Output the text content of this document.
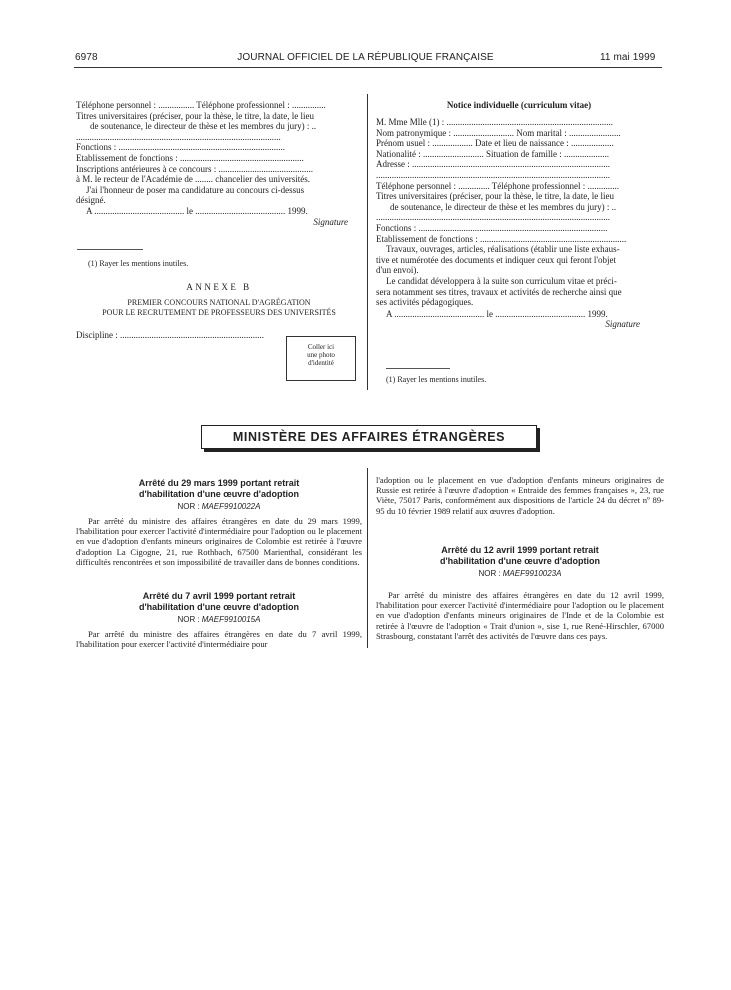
6978	JOURNAL OFFICIEL DE LA RÉPUBLIQUE FRANÇAISE	11 mai 1999
Téléphone personnel : ................ Téléphone professionnel : ...............
Titres universitaires (préciser, pour la thèse, le titre, la date, le lieu
de soutenance, le directeur de thèse et les membres du jury) : ..
...........................................................................................
Fonctions : ..........................................................................
Etablissement de fonctions : .......................................................
Inscriptions antérieures à ce concours : ..........................................
à M. le recteur de l'Académie de ........ chancelier des universités.
J'ai l'honneur de poser ma candidature au concours ci-dessus
désigné.
A ........................................ le ........................................ 1999.
Signature
(1) Rayer les mentions inutiles.
ANNEXE B
PREMIER CONCOURS NATIONAL D'AGRÉGATION
POUR LE RECRUTEMENT DE PROFESSEURS DES UNIVERSITÉS
Discipline : ................................................................
Coller ici
une photo
d'identité
Notice individuelle (curriculum vitae)
M. Mme Mlle (1) : ..........................................................................
Nom patronymique : ........................... Nom marital : .......................
Prénom usuel : .................. Date et lieu de naissance : ...................
Nationalité : ........................... Situation de famille : ....................
Adresse : ........................................................................................
........................................................................................................
Téléphone personnel : .............. Téléphone professionnel : ..............
Titres universitaires (préciser, pour la thèse, le titre, la date, le lieu
de soutenance, le directeur de thèse et les membres du jury) : ..
........................................................................................................
Fonctions : ....................................................................................
Etablissement de fonctions : .................................................................
Travaux, ouvrages, articles, réalisations (établir une liste exhaus-
tive et numérotée des documents et indiquer ceux qui feront l'objet
d'un envoi).
Le candidat développera à la suite son curriculum vitae et préci-
sera notamment ses titres, travaux et activités de recherche ainsi que
ses activités pédagogiques.
A ........................................ le ........................................ 1999.
Signature
(1) Rayer les mentions inutiles.
MINISTÈRE DES AFFAIRES ÉTRANGÈRES
Arrêté du 29 mars 1999 portant retrait
d'habilitation d'une œuvre d'adoption
NOR : MAEF9910022A
Par arrêté du ministre des affaires étrangères en date du 29 mars 1999, l'habilitation pour exercer l'activité d'intermédiaire pour l'adoption ou le placement en vue d'adoption d'enfants mineurs originaires de Colombie est retirée à l'œuvre d'adoption La Cigogne, 21, rue Rothbach, 67500 Marienthal, considérant les difficultés rencontrées et son impossibilité de travailler dans de bonnes conditions.
Arrêté du 7 avril 1999 portant retrait
d'habilitation d'une œuvre d'adoption
NOR : MAEF9910015A
Par arrêté du ministre des affaires étrangères en date du 7 avril 1999, l'habilitation pour exercer l'activité d'intermédiaire pour
l'adoption ou le placement en vue d'adoption d'enfants mineurs originaires de Russie est retirée à l'œuvre d'adoption « Entraide des femmes françaises », 23, rue Viète, 75017 Paris, conformément aux dispositions de l'article 24 du décret nº 89-95 du 10 février 1989 relatif aux œuvres d'adoption.
Arrêté du 12 avril 1999 portant retrait
d'habilitation d'une œuvre d'adoption
NOR : MAEF9910023A
Par arrêté du ministre des affaires étrangères en date du 12 avril 1999, l'habilitation pour exercer l'activité d'intermédiaire pour l'adoption ou le placement en vue d'adoption d'enfants mineurs originaires de l'Inde et de la Colombie est retirée à l'œuvre de l'adoption « Trait d'union », sise 1, rue René-Hirschler, 67000 Strasbourg, constatant l'arrêt des activités de l'œuvre dans ces pays.
